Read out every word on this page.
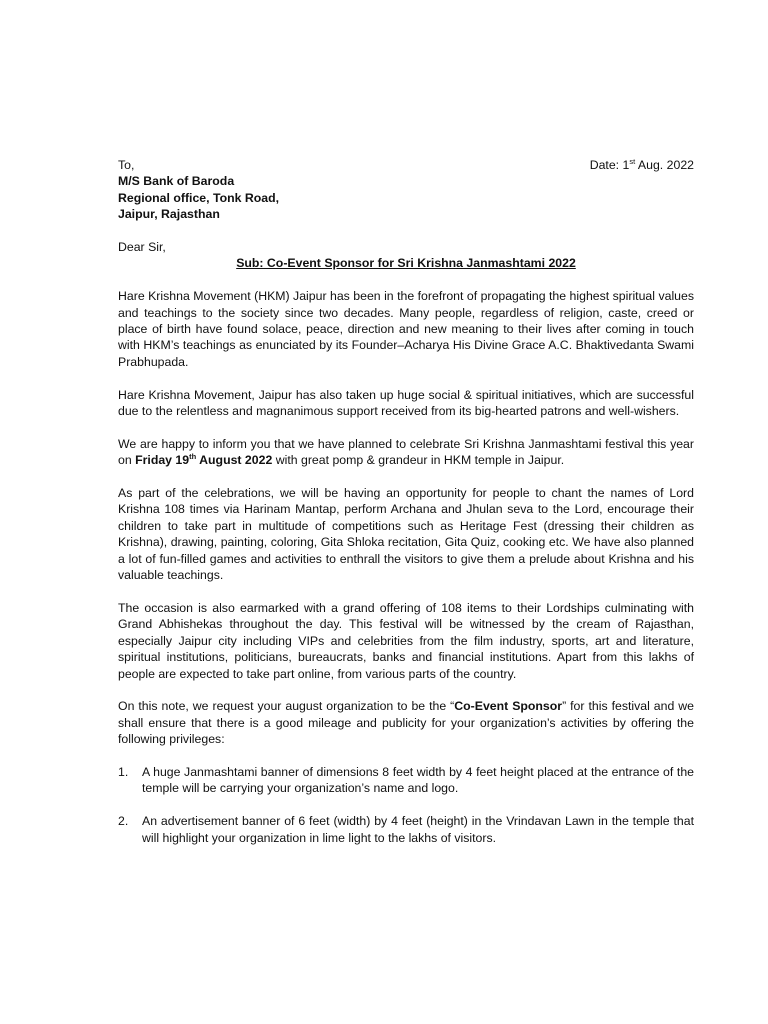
To,	Date: 1st Aug. 2022

M/S Bank of Baroda

Regional office, Tonk Road,

Jaipur, Rajasthan

Dear Sir,

Sub: Co-Event Sponsor for Sri Krishna Janmashtami 2022

Hare Krishna Movement (HKM) Jaipur has been in the forefront of propagating the highest spiritual values and teachings to the society since two decades. Many people, regardless of religion, caste, creed or place of birth have found solace, peace, direction and new meaning to their lives after coming in touch with HKM’s teachings as enunciated by its Founder–Acharya His Divine Grace A.C. Bhaktivedanta Swami Prabhupada.

Hare Krishna Movement, Jaipur has also taken up huge social & spiritual initiatives, which are successful due to the relentless and magnanimous support received from its big-hearted patrons and well-wishers.

We are happy to inform you that we have planned to celebrate Sri Krishna Janmashtami festival this year on Friday 19th August 2022 with great pomp & grandeur in HKM temple in Jaipur.

As part of the celebrations, we will be having an opportunity for people to chant the names of Lord Krishna 108 times via Harinam Mantap, perform Archana and Jhulan seva to the Lord, encourage their children to take part in multitude of competitions such as Heritage Fest (dressing their children as Krishna), drawing, painting, coloring, Gita Shloka recitation, Gita Quiz, cooking etc. We have also planned a lot of fun-filled games and activities to enthrall the visitors to give them a prelude about Krishna and his valuable teachings.

The occasion is also earmarked with a grand offering of 108 items to their Lordships culminating with Grand Abhishekas throughout the day. This festival will be witnessed by the cream of Rajasthan, especially Jaipur city including VIPs and celebrities from the film industry, sports, art and literature, spiritual institutions, politicians, bureaucrats, banks and financial institutions. Apart from this lakhs of people are expected to take part online, from various parts of the country.

On this note, we request your august organization to be the “Co-Event Sponsor” for this festival and we shall ensure that there is a good mileage and publicity for your organization’s activities by offering the following privileges:

1.	A huge Janmashtami banner of dimensions 8 feet width by 4 feet height placed at the entrance of the temple will be carrying your organization’s name and logo.
2.	An advertisement banner of 6 feet (width) by 4 feet (height) in the Vrindavan Lawn in the temple that will highlight your organization in lime light to the lakhs of visitors.
